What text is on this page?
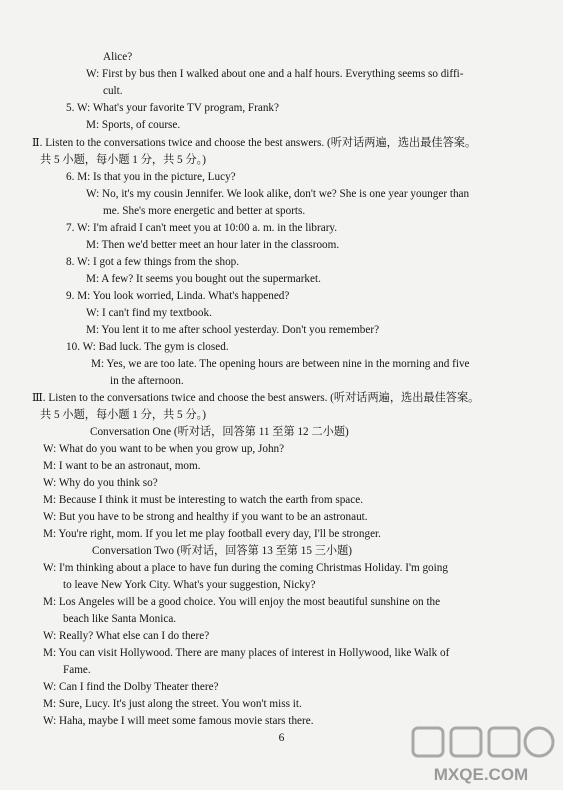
Alice?
W: First by bus then I walked about one and a half hours. Everything seems so diffi-
cult.
5. W: What's your favorite TV program, Frank?
M: Sports, of course.
Ⅱ. Listen to the conversations twice and choose the best answers. (听对话两遍，选出最佳答案。
共 5 小题，每小题 1 分，共 5 分。)
6. M: Is that you in the picture, Lucy?
W: No, it's my cousin Jennifer. We look alike, don't we? She is one year younger than
me. She's more energetic and better at sports.
7. W: I'm afraid I can't meet you at 10:00 a. m. in the library.
M: Then we'd better meet an hour later in the classroom.
8. W: I got a few things from the shop.
M: A few? It seems you bought out the supermarket.
9. M: You look worried, Linda. What's happened?
W: I can't find my textbook.
M: You lent it to me after school yesterday. Don't you remember?
10. W: Bad luck. The gym is closed.
M: Yes, we are too late. The opening hours are between nine in the morning and five
in the afternoon.
Ⅲ. Listen to the conversations twice and choose the best answers. (听对话两遍，选出最佳答案。
共 5 小题，每小题 1 分，共 5 分。)
Conversation One (听对话，回答第 11 至第 12 二小题)
W: What do you want to be when you grow up, John?
M: I want to be an astronaut, mom.
W: Why do you think so?
M: Because I think it must be interesting to watch the earth from space.
W: But you have to be strong and healthy if you want to be an astronaut.
M: You're right, mom. If you let me play football every day, I'll be stronger.
Conversation Two (听对话，回答第 13 至第 15 三小题)
W: I'm thinking about a place to have fun during the coming Christmas Holiday. I'm going
to leave New York City. What's your suggestion, Nicky?
M: Los Angeles will be a good choice. You will enjoy the most beautiful sunshine on the
beach like Santa Monica.
W: Really? What else can I do there?
M: You can visit Hollywood. There are many places of interest in Hollywood, like Walk of
Fame.
W: Can I find the Dolby Theater there?
M: Sure, Lucy. It's just along the street. You won't miss it.
W: Haha, maybe I will meet some famous movie stars there.
6
MXQE.COM
